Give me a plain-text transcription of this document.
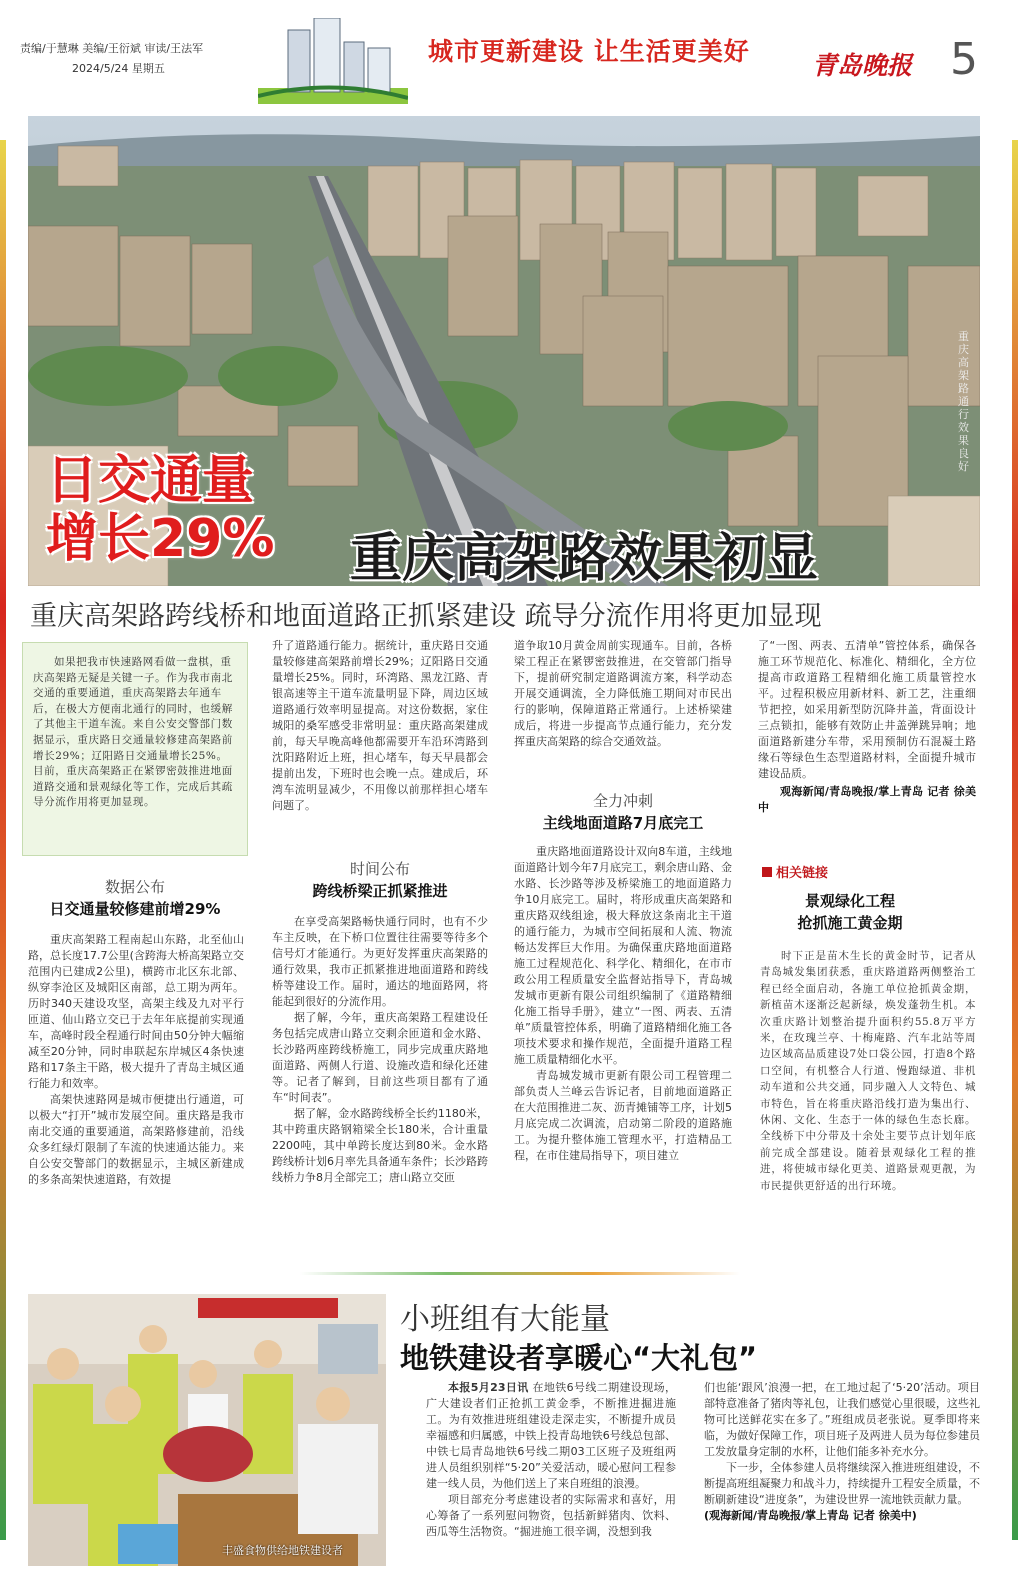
责编/于慧琳 美编/王衍斌 审读/王法军
2024/5/24 星期五
城市更新建设 让生活更美好 青岛晚报 5
日交通量
增长29% 重庆高架路效果初显
重庆高架路通行效果良好
重庆高架路跨线桥和地面道路正抓紧建设 疏导分流作用将更加显现
如果把我市快速路网看做一盘棋，重庆高架路无疑是关键一子。作为我市南北交通的重要通道，重庆高架路去年通车后，在极大方便南北通行的同时，也缓解了其他主干道车流。来自公安交警部门数据显示，重庆路日交通量较修建高架路前增长29%；辽阳路日交通量增长25%。目前，重庆高架路正在紧锣密鼓推进地面道路交通和景观绿化等工作，完成后其疏导分流作用将更加显现。
数据公布
日交通量较修建前增29%

重庆高架路工程南起山东路，北至仙山路，总长度17.7公里(含跨海大桥高架路立交范围内已建成2公里)，横跨市北区东北部、纵穿李沧区及城阳区南部，总工期为两年。历时340天建设攻坚，高架主线及九对平行匝道、仙山路立交已于去年年底提前实现通车，高峰时段全程通行时间由50分钟大幅缩减至20分钟，同时串联起东岸城区4条快速路和17条主干路，极大提升了青岛主城区通行能力和效率。

高架快速路网是城市便捷出行通道，可以极大“打开”城市发展空间。重庆路是我市南北交通的重要通道，高架路修建前，沿线众多红绿灯限制了车流的快速通达能力。来自公安交警部门的数据显示，主城区新建成的多条高架快速道路，有效提

升了道路通行能力。据统计，重庆路日交通量较修建高架路前增长29%；辽阳路日交通量增长25%。同时，环湾路、黑龙江路、青银高速等主干道车流量明显下降，周边区域道路通行效率明显提高。对这份数据，家住城阳的桑军感受非常明显：重庆路高架建成前，每天早晚高峰他都需要开车沿环湾路到沈阳路附近上班，担心堵车，每天早晨都会提前出发，下班时也会晚一点。建成后，环湾车流明显减少，不用像以前那样担心堵车问题了。

时间公布
跨线桥梁正抓紧推进

在享受高架路畅快通行同时，也有不少车主反映，在下桥口位置往往需要等待多个信号灯才能通行。为更好发挥重庆高架路的通行效果，我市正抓紧推进地面道路和跨线桥等建设工作。届时，通达的地面路网，将能起到很好的分流作用。

据了解，今年，重庆高架路工程建设任务包括完成唐山路立交剩余匝道和金水路、长沙路两座跨线桥施工，同步完成重庆路地面道路、两侧人行道、设施改造和绿化还建等。记者了解到，目前这些项目都有了通车“时间表”。

据了解，金水路跨线桥全长约1180米，其中跨重庆路钢箱梁全长180米，合计重量2200吨，其中单跨长度达到80米。金水路跨线桥计划6月率先具备通车条件；长沙路跨线桥力争8月全部完工；唐山路立交匝

道争取10月黄金周前实现通车。目前，各桥梁工程正在紧锣密鼓推进，在交管部门指导下，提前研究制定道路调流方案，科学动态开展交通调流，全力降低施工期间对市民出行的影响，保障道路正常通行。上述桥梁建成后，将进一步提高节点通行能力，充分发挥重庆高架路的综合交通效益。

全力冲刺
主线地面道路7月底完工

重庆路地面道路设计双向8车道，主线地面道路计划今年7月底完工，剩余唐山路、金水路、长沙路等涉及桥梁施工的地面道路力争10月底完工。届时，将形成重庆高架路和重庆路双线组途，极大释放这条南北主干道的通行能力，为城市空间拓展和人流、物流畅达发挥巨大作用。为确保重庆路地面道路施工过程规范化、科学化、精细化，在市市政公用工程质量安全监督站指导下，青岛城发城市更新有限公司组织编制了《道路精细化施工指导手册》，建立“一图、两表、五清单”质量管控体系，明确了道路精细化施工各项技术要求和操作规范，全面提升道路工程施工质量精细化水平。

青岛城发城市更新有限公司工程管理二部负责人兰峰云告诉记者，目前地面道路正在大范围推进二灰、沥青摊铺等工序，计划5月底完成二次调流，启动第二阶段的道路施工。为提升整体施工管理水平，打造精品工程，在市住建局指导下，项目建立

了“一图、两表、五清单”管控体系，确保各施工环节规范化、标准化、精细化，全方位提高市政道路工程精细化施工质量管控水平。过程积极应用新材料、新工艺，注重细节把控，如采用新型防沉降井盖，背面设计三点锁扣，能够有效防止井盖弹跳异响；地面道路新建分车带，采用预制仿石混凝土路缘石等绿色生态型道路材料，全面提升城市建设品质。

观海新闻/青岛晚报/掌上青岛 记者 徐美中

相关链接
景观绿化工程
抢抓施工黄金期
时下正是苗木生长的黄金时节，记者从青岛城发集团获悉，重庆路道路两侧整治工程已经全面启动，各施工单位抢抓黄金期，新植苗木逐渐泛起新绿，焕发蓬勃生机。本次重庆路计划整治提升面积约55.8万平方米，在玫瑰兰亭、十梅庵路、汽车北站等周边区域高品质建设7处口袋公园，打造8个路口空间，有机整合人行道、慢跑绿道、非机动车道和公共交通，同步融入人文特色、城市特色，旨在将重庆路沿线打造为集出行、休闲、文化、生态于一体的绿色生态长廊。全线桥下中分带及十余处主要节点计划年底前完成全部建设。随着景观绿化工程的推进，将使城市绿化更美、道路景观更靓，为市民提供更舒适的出行环境。
丰盛食物供给地铁建设者
小班组有大能量
地铁建设者享暖心“大礼包”

本报5月23日讯 在地铁6号线二期建设现场，广大建设者们正抢抓工黄金季，不断推进掘进施工。为有效推进班组建设走深走实，不断提升成员幸福感和归属感，中铁上投青岛地铁6号线总包部、中铁七局青岛地铁6号线二期03工区班子及班组两进人员组织别样“5·20”关爱活动，暖心慰问工程参建一线人员，为他们送上了来自班组的浪漫。

项目部充分考虑建设者的实际需求和喜好，用心筹备了一系列慰问物资，包括新鲜猪肉、饮料、西瓜等生活物资。“掘进施工很辛调，没想到我

们也能‘跟风’浪漫一把，在工地过起了‘5·20’活动。项目部特意准备了猪肉等礼包，让我们感觉心里很暖，这些礼物可比送鲜花实在多了。”班组成员老张说。夏季即将来临，为做好保障工作，项目班子及两进人员为每位参建员工发放量身定制的水杯，让他们能多补充水分。

下一步，全体参建人员将继续深入推进班组建设，不断提高班组凝聚力和战斗力，持续提升工程安全质量，不断刷新建设“进度条”，为建设世界一流地铁贡献力量。

(观海新闻/青岛晚报/掌上青岛 记者 徐美中)
